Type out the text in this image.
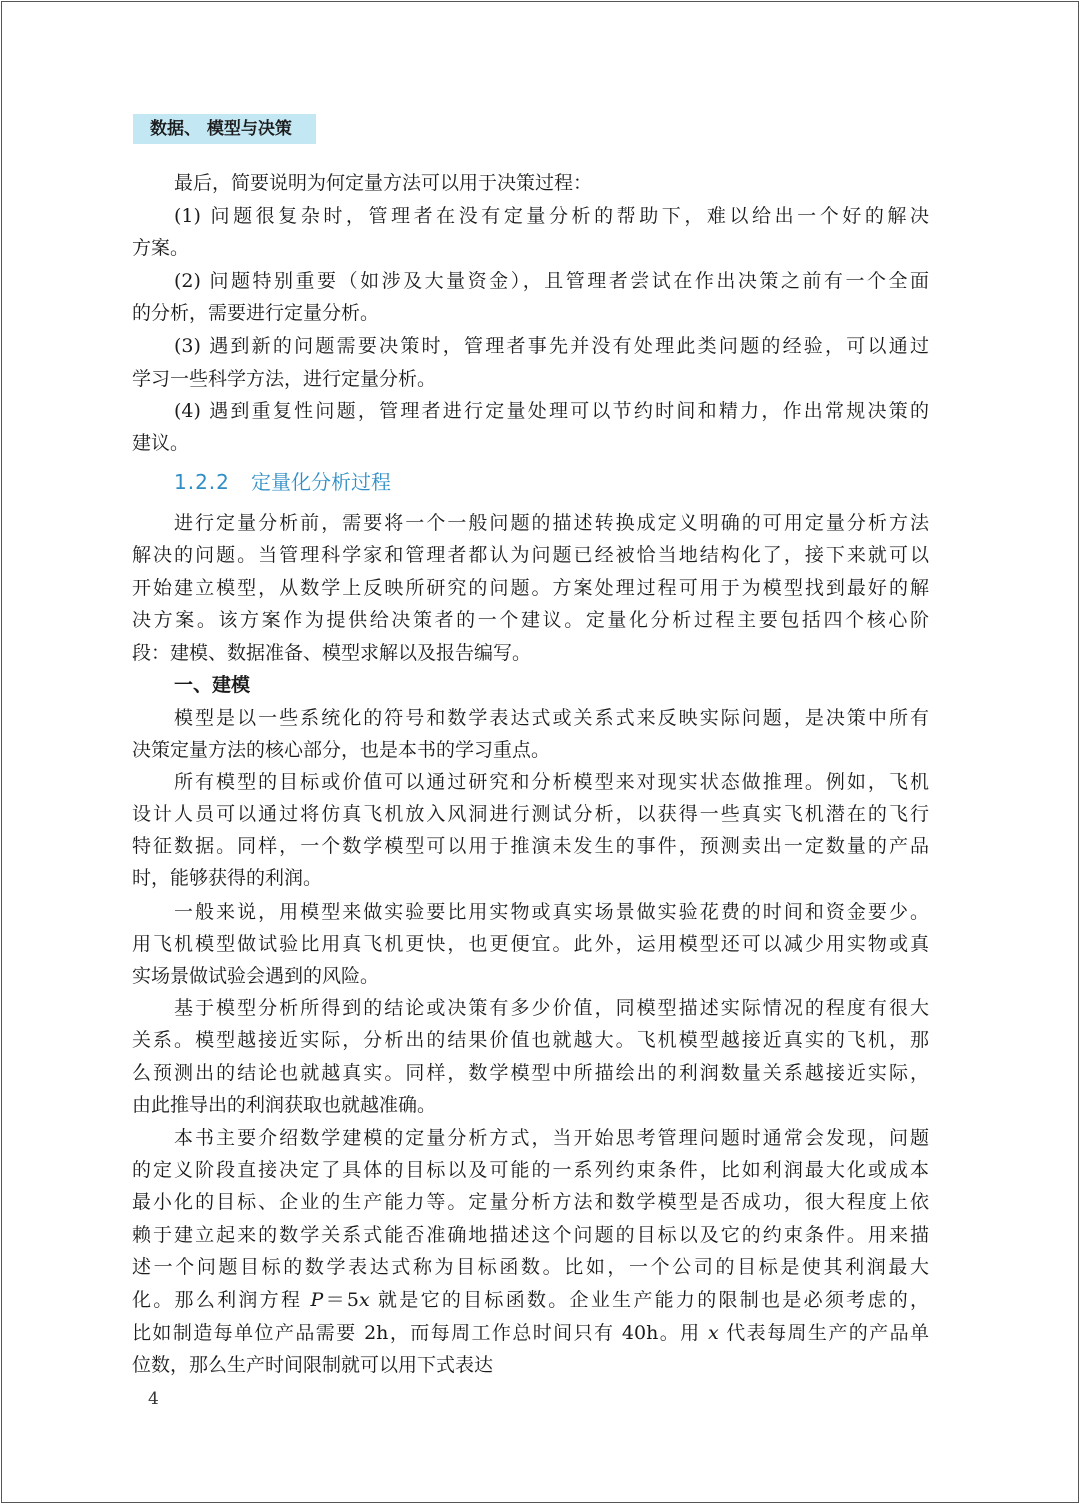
数据、 模型与决策
最后，简要说明为何定量方法可以用于决策过程：
(1) 问题很复杂时，管理者在没有定量分析的帮助下，难以给出一个好的解决
方案。
(2) 问题特别重要（如涉及大量资金），且管理者尝试在作出决策之前有一个全面
的分析，需要进行定量分析。
(3) 遇到新的问题需要决策时，管理者事先并没有处理此类问题的经验，可以通过
学习一些科学方法，进行定量分析。
(4) 遇到重复性问题，管理者进行定量处理可以节约时间和精力，作出常规决策的
建议。
1.2.2 定量化分析过程
进行定量分析前，需要将一个一般问题的描述转换成定义明确的可用定量分析方法
解决的问题。当管理科学家和管理者都认为问题已经被恰当地结构化了，接下来就可以
开始建立模型，从数学上反映所研究的问题。方案处理过程可用于为模型找到最好的解
决方案。该方案作为提供给决策者的一个建议。定量化分析过程主要包括四个核心阶
段：建模、数据准备、模型求解以及报告编写。
一、建模
模型是以一些系统化的符号和数学表达式或关系式来反映实际问题，是决策中所有
决策定量方法的核心部分，也是本书的学习重点。
所有模型的目标或价值可以通过研究和分析模型来对现实状态做推理。例如，飞机
设计人员可以通过将仿真飞机放入风洞进行测试分析，以获得一些真实飞机潜在的飞行
特征数据。同样，一个数学模型可以用于推演未发生的事件，预测卖出一定数量的产品
时，能够获得的利润。
一般来说，用模型来做实验要比用实物或真实场景做实验花费的时间和资金要少。
用飞机模型做试验比用真飞机更快，也更便宜。此外，运用模型还可以减少用实物或真
实场景做试验会遇到的风险。
基于模型分析所得到的结论或决策有多少价值，同模型描述实际情况的程度有很大
关系。模型越接近实际，分析出的结果价值也就越大。飞机模型越接近真实的飞机，那
么预测出的结论也就越真实。同样，数学模型中所描绘出的利润数量关系越接近实际，
由此推导出的利润获取也就越准确。
本书主要介绍数学建模的定量分析方式，当开始思考管理问题时通常会发现，问题
的定义阶段直接决定了具体的目标以及可能的一系列约束条件，比如利润最大化或成本
最小化的目标、企业的生产能力等。定量分析方法和数学模型是否成功，很大程度上依
赖于建立起来的数学关系式能否准确地描述这个问题的目标以及它的约束条件。用来描
述一个问题目标的数学表达式称为目标函数。比如，一个公司的目标是使其利润最大
化。那么利润方程 P＝5x 就是它的目标函数。企业生产能力的限制也是必须考虑的，
比如制造每单位产品需要 2h，而每周工作总时间只有 40h。用 x 代表每周生产的产品单
位数，那么生产时间限制就可以用下式表达
4
